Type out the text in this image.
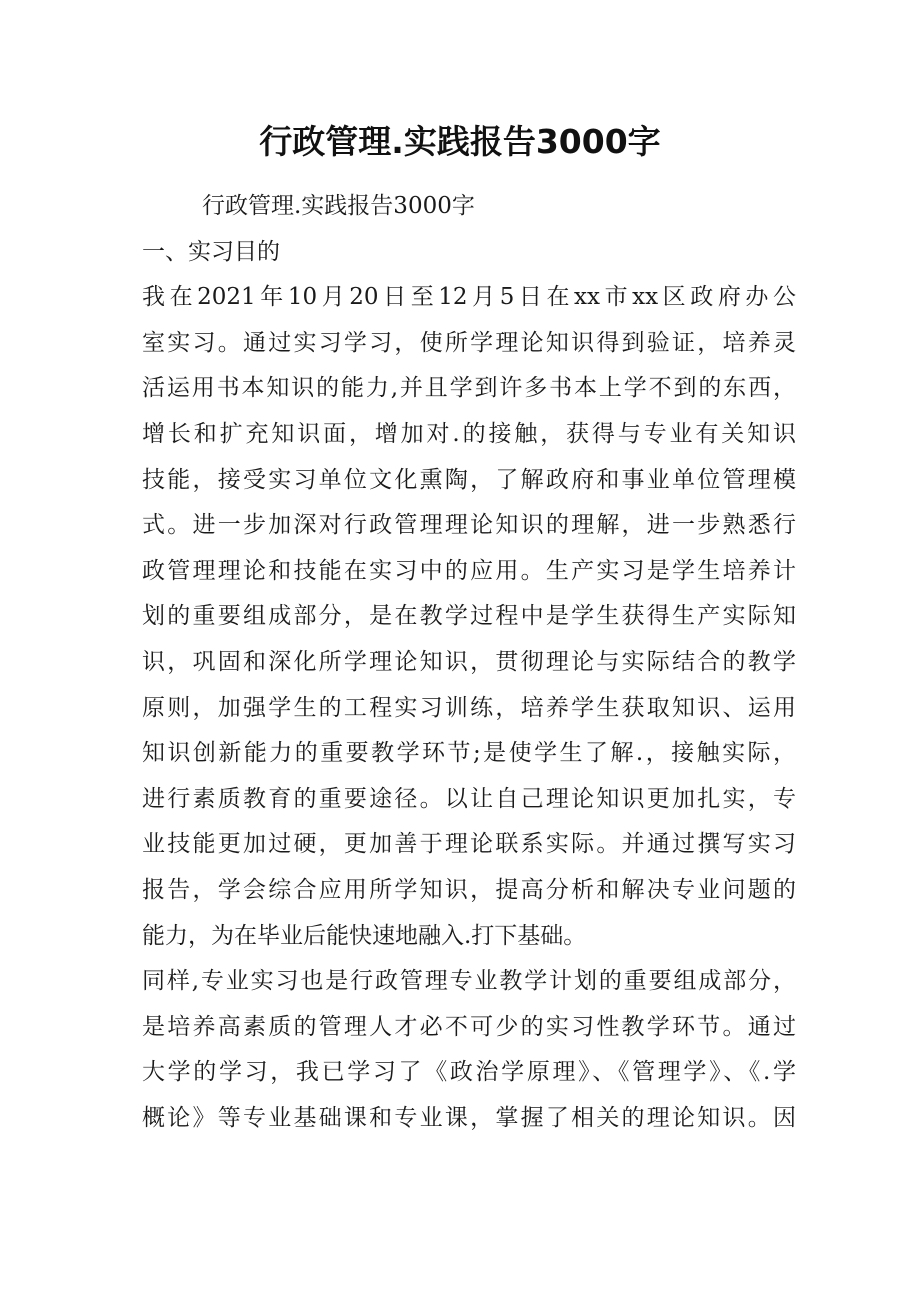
行政管理.实践报告3000字
行政管理.实践报告3000字
一、实习目的
我在2021年10月20日至12月5日在xx市xx区政府办公
室实习。通过实习学习，使所学理论知识得到验证，培养灵
活运用书本知识的能力,并且学到许多书本上学不到的东西，
增长和扩充知识面，增加对.的接触，获得与专业有关知识
技能，接受实习单位文化熏陶，了解政府和事业单位管理模
式。进一步加深对行政管理理论知识的理解，进一步熟悉行
政管理理论和技能在实习中的应用。生产实习是学生培养计
划的重要组成部分，是在教学过程中是学生获得生产实际知
识，巩固和深化所学理论知识，贯彻理论与实际结合的教学
原则，加强学生的工程实习训练，培养学生获取知识、运用
知识创新能力的重要教学环节;是使学生了解.，接触实际，
进行素质教育的重要途径。以让自己理论知识更加扎实，专
业技能更加过硬，更加善于理论联系实际。并通过撰写实习
报告，学会综合应用所学知识，提高分析和解决专业问题的
能力，为在毕业后能快速地融入.打下基础。
同样,专业实习也是行政管理专业教学计划的重要组成部分，
是培养高素质的管理人才必不可少的实习性教学环节。通过
大学的学习，我已学习了《政治学原理》、《管理学》、《.学
概论》等专业基础课和专业课，掌握了相关的理论知识。因
